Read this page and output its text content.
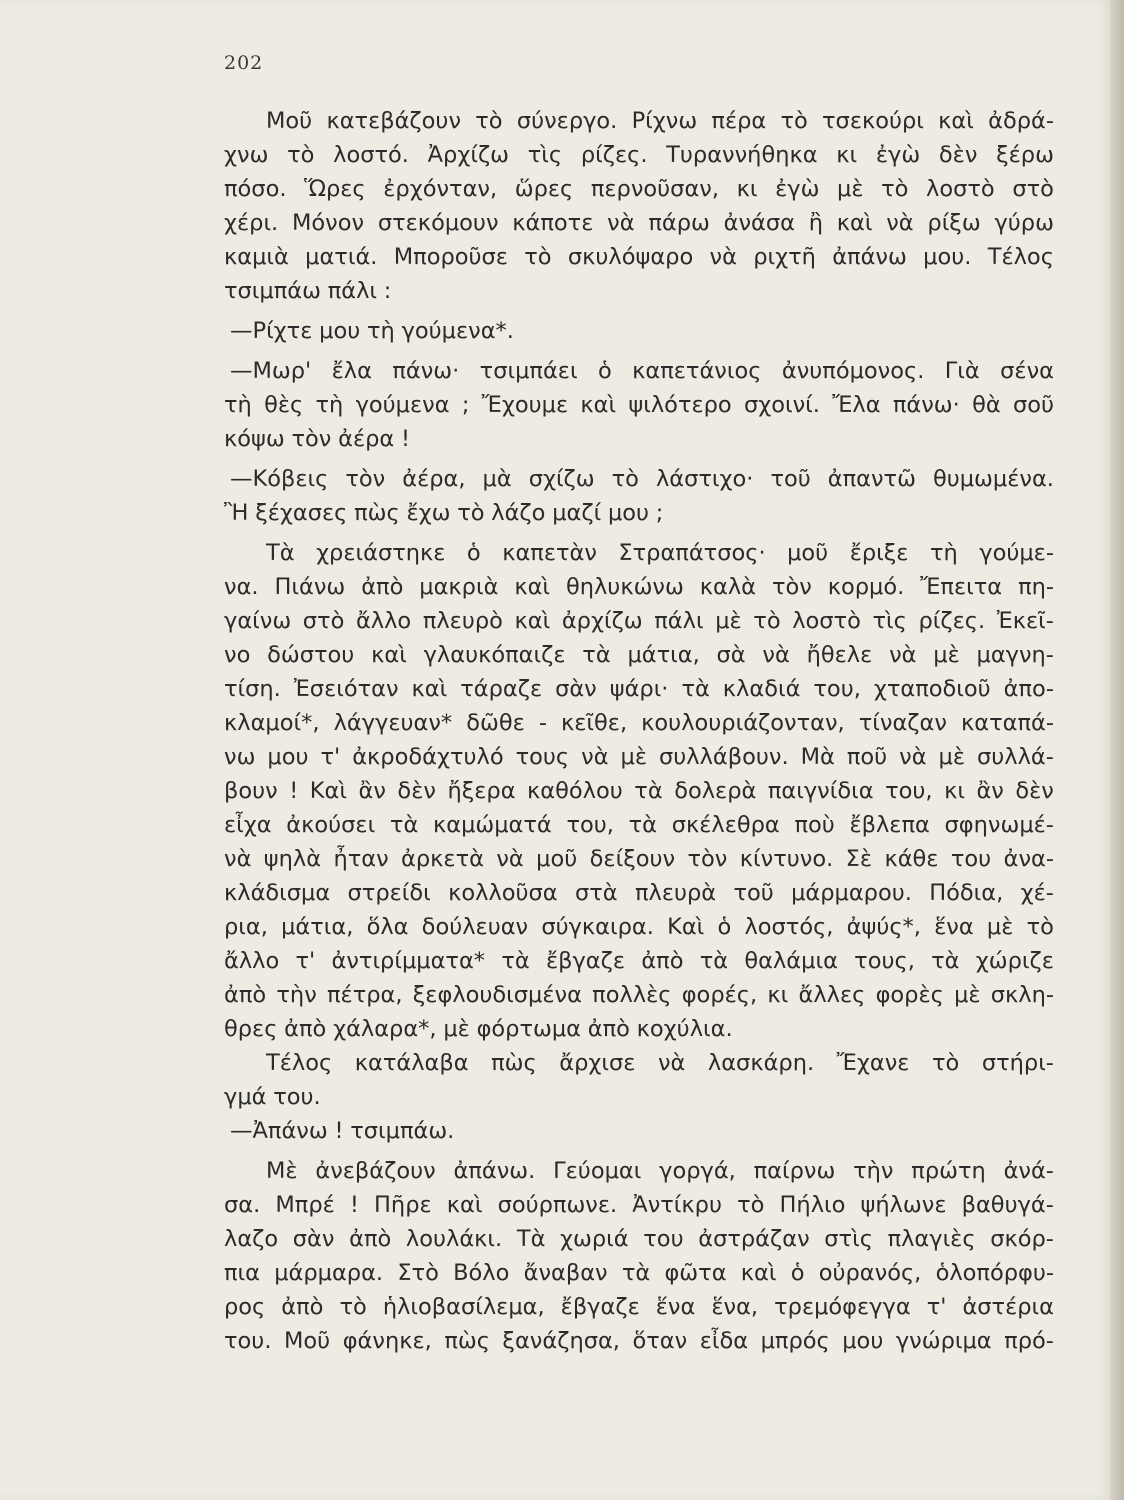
202
Μοῦ κατεβάζουν τὸ σύνεργο. Ρίχνω πέρα τὸ τσεκούρι καὶ ἀδρά-
χνω τὸ λοστό. Ἀρχίζω τὶς ρίζες. Τυραννήθηκα κι ἐγὼ δὲν ξέρω
πόσο. Ὥρες ἐρχόνταν, ὥρες περνοῦσαν, κι ἐγὼ μὲ τὸ λοστὸ στὸ
χέρι. Μόνον στεκόμουν κάποτε νὰ πάρω ἀνάσα ἢ καὶ νὰ ρίξω γύρω
καμιὰ ματιά. Μποροῦσε τὸ σκυλόψαρο νὰ ριχτῆ ἀπάνω μου. Τέλος
τσιμπάω πάλι :
—Ρίχτε μου τὴ γούμενα*.
—Μωρ' ἔλα πάνω· τσιμπάει ὁ καπετάνιος ἀνυπόμονος. Γιὰ σένα
τὴ θὲς τὴ γούμενα ; Ἔχουμε καὶ ψιλότερο σχοινί. Ἔλα πάνω· θὰ σοῦ
κόψω τὸν ἀέρα !
—Κόβεις τὸν ἀέρα, μὰ σχίζω τὸ λάστιχο· τοῦ ἀπαντῶ θυμωμένα.
Ἢ ξέχασες πὼς ἔχω τὸ λάζο μαζί μου ;
Τὰ χρειάστηκε ὁ καπετὰν Στραπάτσος· μοῦ ἔριξε τὴ γούμε-
να. Πιάνω ἀπὸ μακριὰ καὶ θηλυκώνω καλὰ τὸν κορμό. Ἔπειτα πη-
γαίνω στὸ ἄλλο πλευρὸ καὶ ἀρχίζω πάλι μὲ τὸ λοστὸ τὶς ρίζες. Ἐκεῖ-
νο δώστου καὶ γλαυκόπαιζε τὰ μάτια, σὰ νὰ ἤθελε νὰ μὲ μαγνη-
τίση. Ἐσειόταν καὶ τάραζε σὰν ψάρι· τὰ κλαδιά του, χταποδιοῦ ἀπο-
κλαμοί*, λάγγευαν* δῶθε - κεῖθε, κουλουριάζονταν, τίναζαν καταπά-
νω μου τ' ἀκροδάχτυλό τους νὰ μὲ συλλάβουν. Μὰ ποῦ νὰ μὲ συλλά-
βουν ! Καὶ ἂν δὲν ἤξερα καθόλου τὰ δολερὰ παιγνίδια του, κι ἂν δὲν
εἶχα ἀκούσει τὰ καμώματά του, τὰ σκέλεθρα ποὺ ἔβλεπα σφηνωμέ-
νὰ ψηλὰ ἦταν ἀρκετὰ νὰ μοῦ δείξουν τὸν κίντυνο. Σὲ κάθε του ἀνα-
κλάδισμα στρείδι κολλοῦσα στὰ πλευρὰ τοῦ μάρμαρου. Πόδια, χέ-
ρια, μάτια, ὅλα δούλευαν σύγκαιρα. Καὶ ὁ λοστός, ἀψύς*, ἕνα μὲ τὸ
ἄλλο τ' ἀντιρίμματα* τὰ ἔβγαζε ἀπὸ τὰ θαλάμια τους, τὰ χώριζε
ἀπὸ τὴν πέτρα, ξεφλουδισμένα πολλὲς φορές, κι ἄλλες φορὲς μὲ σκλη-
θρες ἀπὸ χάλαρα*, μὲ φόρτωμα ἀπὸ κοχύλια.
Τέλος κατάλαβα πὼς ἄρχισε νὰ λασκάρη. Ἔχανε τὸ στήρι-
γμά του.
—Ἀπάνω ! τσιμπάω.
Μὲ ἀνεβάζουν ἀπάνω. Γεύομαι γοργά, παίρνω τὴν πρώτη ἀνά-
σα. Μπρέ ! Πῆρε καὶ σούρπωνε. Ἀντίκρυ τὸ Πήλιο ψήλωνε βαθυγά-
λαζο σὰν ἀπὸ λουλάκι. Τὰ χωριά του ἀστράζαν στὶς πλαγιὲς σκόρ-
πια μάρμαρα. Στὸ Βόλο ἄναβαν τὰ φῶτα καὶ ὁ οὐρανός, ὁλοπόρφυ-
ρος ἀπὸ τὸ ἡλιοβασίλεμα, ἔβγαζε ἕνα ἕνα, τρεμόφεγγα τ' ἀστέρια
του. Μοῦ φάνηκε, πὼς ξανάζησα, ὅταν εἶδα μπρός μου γνώριμα πρό-
